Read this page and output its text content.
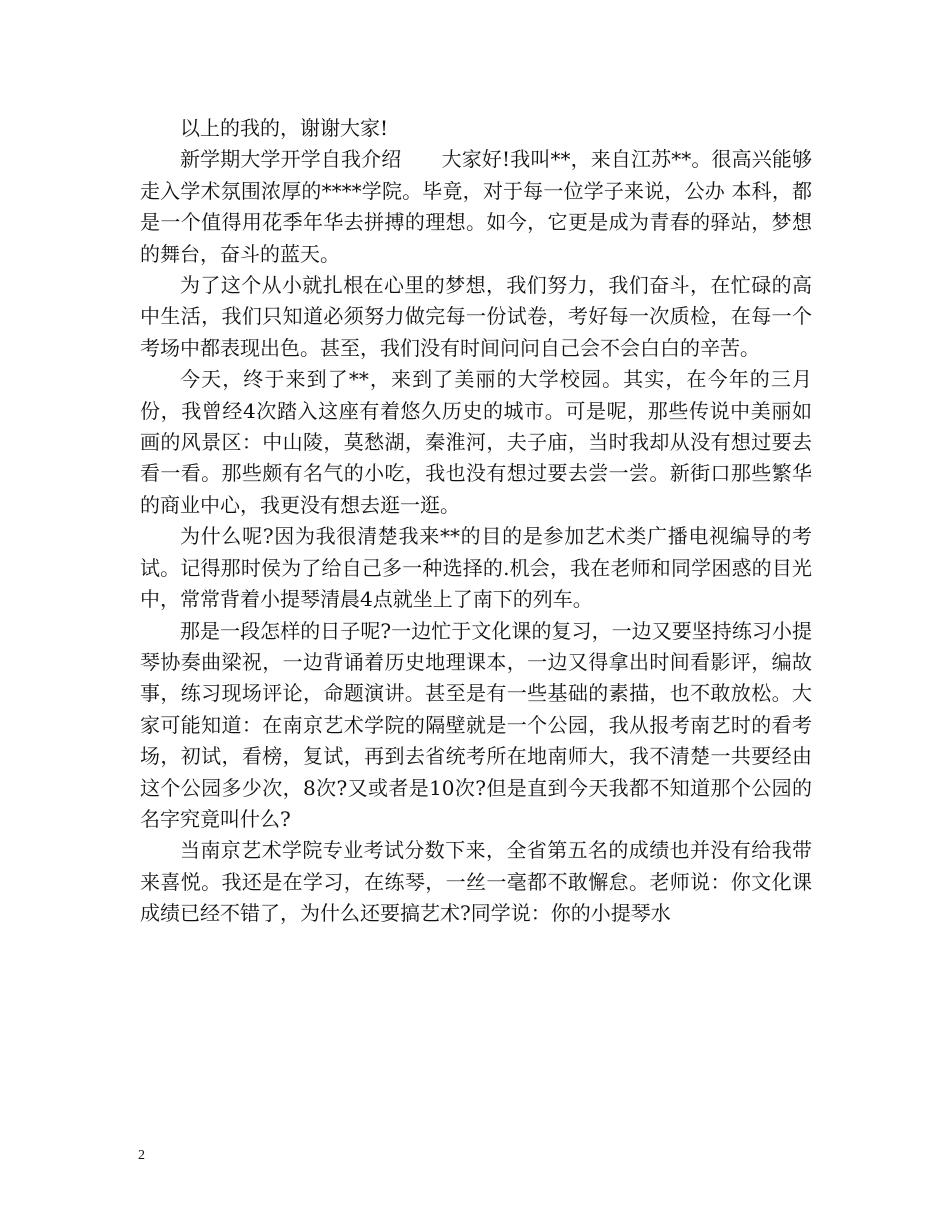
以上的我的，谢谢大家!

新学期大学开学自我介绍　　大家好!我叫**，来自江苏**。很高兴能够走入学术氛围浓厚的****学院。毕竟，对于每一位学子来说，公办 本科，都是一个值得用花季年华去拼搏的理想。如今，它更是成为青春的驿站，梦想的舞台，奋斗的蓝天。

为了这个从小就扎根在心里的梦想，我们努力，我们奋斗，在忙碌的高中生活，我们只知道必须努力做完每一份试卷，考好每一次质检，在每一个考场中都表现出色。甚至，我们没有时间问问自己会不会白白的辛苦。

今天，终于来到了**，来到了美丽的大学校园。其实，在今年的三月份，我曾经4次踏入这座有着悠久历史的城市。可是呢，那些传说中美丽如画的风景区：中山陵，莫愁湖，秦淮河，夫子庙，当时我却从没有想过要去看一看。那些颇有名气的小吃，我也没有想过要去尝一尝。新街口那些繁华的商业中心，我更没有想去逛一逛。

为什么呢?因为我很清楚我来**的目的是参加艺术类广播电视编导的考试。记得那时侯为了给自己多一种选择的.机会，我在老师和同学困惑的目光中，常常背着小提琴清晨4点就坐上了南下的列车。

那是一段怎样的日子呢?一边忙于文化课的复习，一边又要坚持练习小提琴协奏曲梁祝，一边背诵着历史地理课本，一边又得拿出时间看影评，编故事，练习现场评论，命题演讲。甚至是有一些基础的素描，也不敢放松。大家可能知道：在南京艺术学院的隔壁就是一个公园，我从报考南艺时的看考场，初试，看榜，复试，再到去省统考所在地南师大，我不清楚一共要经由这个公园多少次，8次?又或者是10次?但是直到今天我都不知道那个公园的名字究竟叫什么?

当南京艺术学院专业考试分数下来，全省第五名的成绩也并没有给我带来喜悦。我还是在学习，在练琴，一丝一毫都不敢懈怠。老师说：你文化课成绩已经不错了，为什么还要搞艺术?同学说：你的小提琴水

2
